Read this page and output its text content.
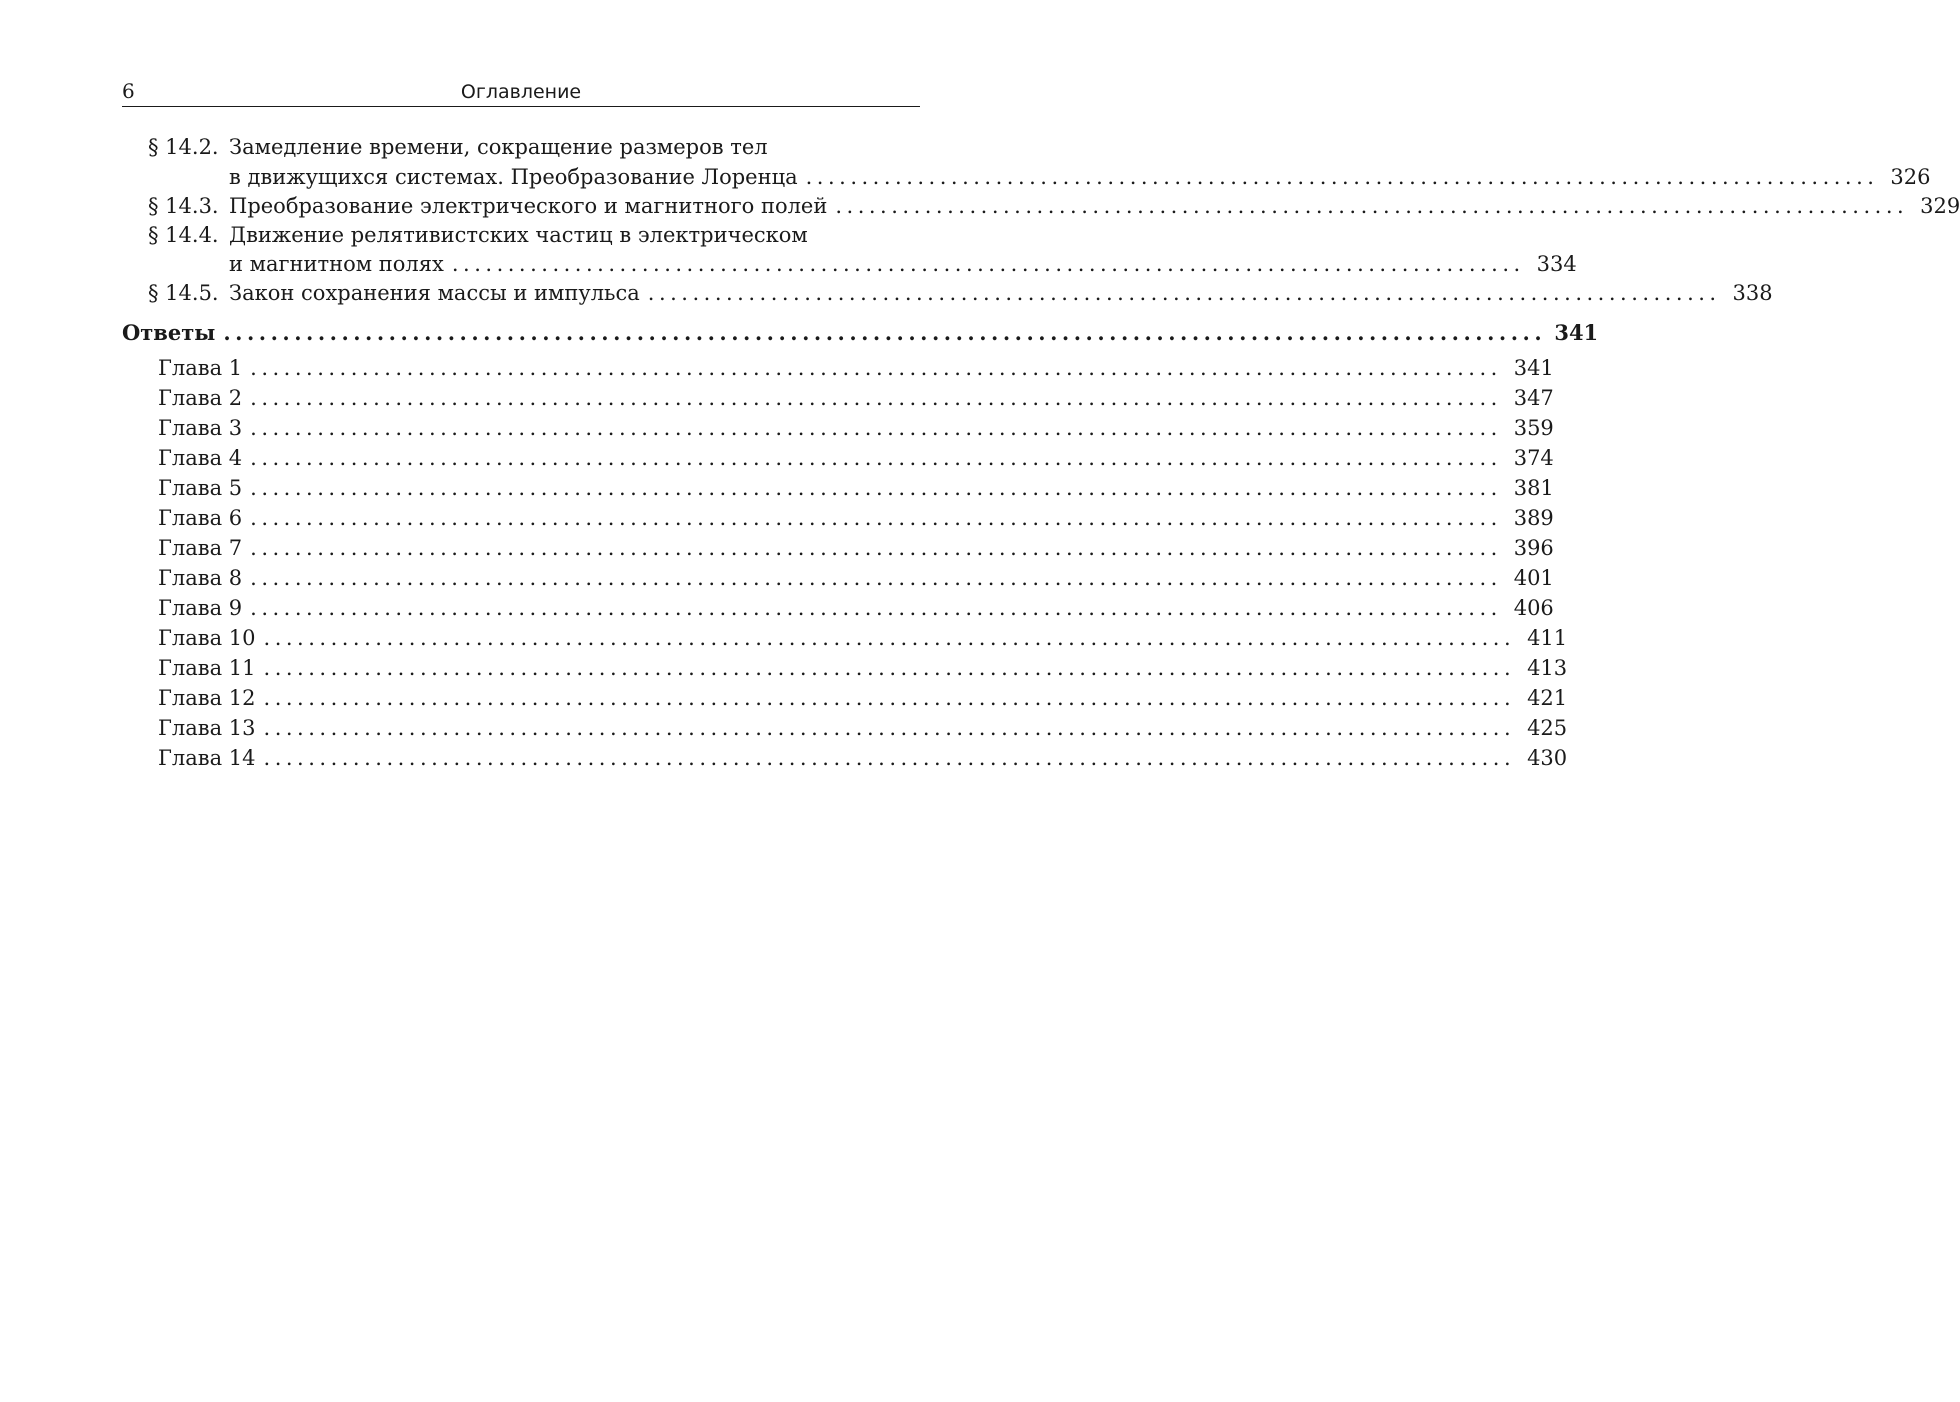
6	Оглавление
§ 14.2. Замедление времени, сокращение размеров тел
в движущихся системах. Преобразование Лоренца ................................................................................................ 326
§ 14.3. Преобразование электрического и магнитного полей ................................................................................................ 329
§ 14.4. Движение релятивистских частиц в электрическом
и магнитном полях ................................................................................................ 334
§ 14.5. Закон сохранения массы и импульса ................................................................................................ 338
Ответы ................................................................................................................ 341
Глава 1 ................................................................................................................ 341
Глава 2 ................................................................................................................ 347
Глава 3 ................................................................................................................ 359
Глава 4 ................................................................................................................ 374
Глава 5 ................................................................................................................ 381
Глава 6 ................................................................................................................ 389
Глава 7 ................................................................................................................ 396
Глава 8 ................................................................................................................ 401
Глава 9 ................................................................................................................ 406
Глава 10 ................................................................................................................ 411
Глава 11 ................................................................................................................ 413
Глава 12 ................................................................................................................ 421
Глава 13 ................................................................................................................ 425
Глава 14 ................................................................................................................ 430
